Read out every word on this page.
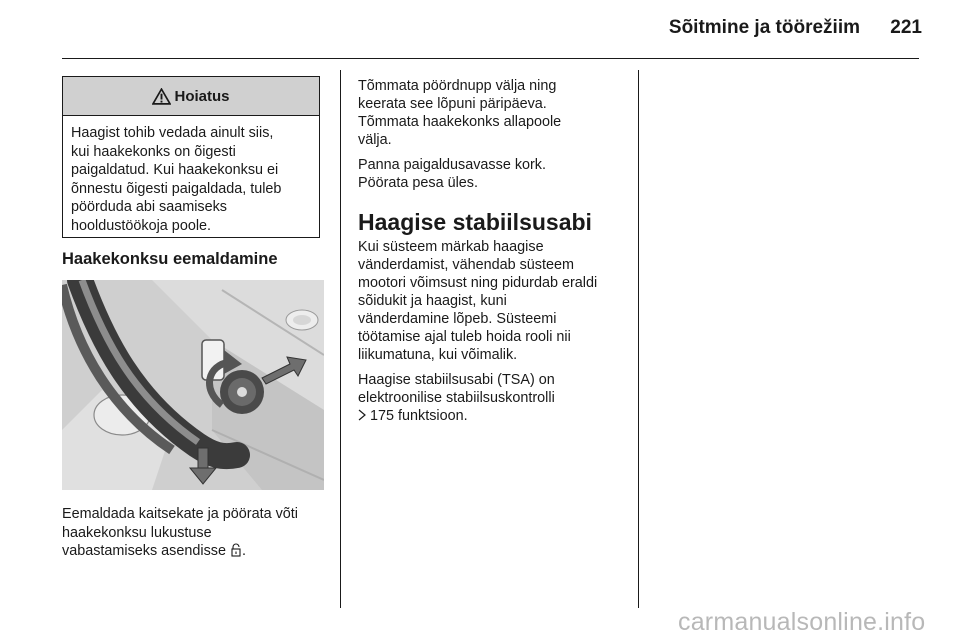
Sõitmine ja töörežiim	221
Hoiatus
Haagist tohib vedada ainult siis,
kui haakekonks on õigesti
paigaldatud. Kui haakekonksu ei
õnnestu õigesti paigaldada, tuleb
pöörduda abi saamiseks
hooldustöökoja poole.
Haakekonksu eemaldamine
Eemaldada kaitsekate ja pöörata võti
haakekonksu lukustuse
vabastamiseks asendisse .
Tõmmata pöördnupp välja ning
keerata see lõpuni päripäeva.
Tõmmata haakekonks allapoole
välja.
Panna paigaldusavasse kork.
Pöörata pesa üles.
Haagise stabiilsusabi
Kui süsteem märkab haagise
vänderdamist, vähendab süsteem
mootori võimsust ning pidurdab eraldi
sõidukit ja haagist, kuni
vänderdamine lõpeb. Süsteemi
töötamise ajal tuleb hoida rooli nii
liikumatuna, kui võimalik.
Haagise stabiilsusabi (TSA) on
elektroonilise stabiilsuskontrolli
175 funktsioon.
carmanualsonline.info
